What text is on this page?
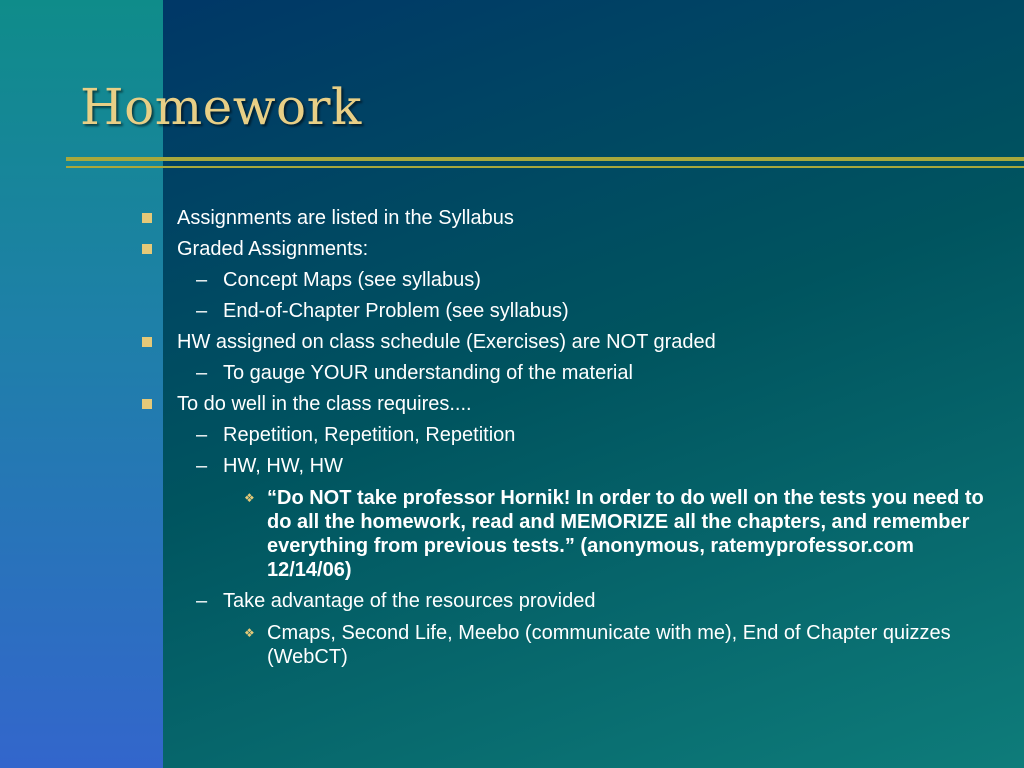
Homework
Assignments are listed in the Syllabus
Graded Assignments:
– Concept Maps (see syllabus)
– End-of-Chapter Problem (see syllabus)
HW assigned on class schedule (Exercises) are NOT graded
– To gauge YOUR understanding of the material
To do well in the class requires....
– Repetition, Repetition, Repetition
– HW, HW, HW
❖ “Do NOT take professor Hornik! In order to do well on the tests you need to do all the homework, read and MEMORIZE all the chapters, and remember everything from previous tests.” (anonymous, ratemyprofessor.com 12/14/06)
– Take advantage of the resources provided
❖ Cmaps, Second Life, Meebo (communicate with me), End of Chapter quizzes (WebCT)
